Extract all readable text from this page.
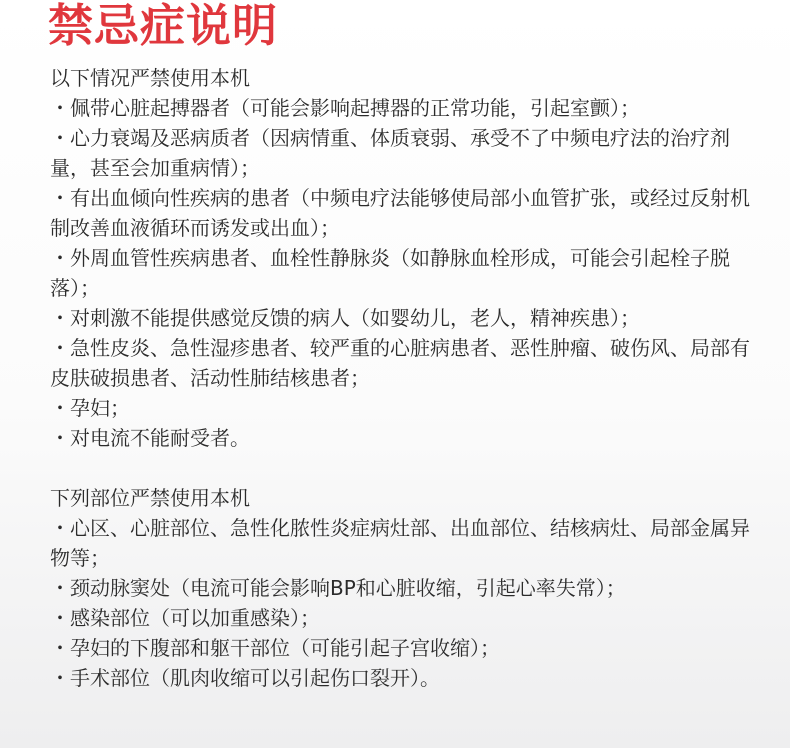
禁忌症说明

以下情况严禁使用本机

・佩带心脏起搏器者（可能会影响起搏器的正常功能，引起室颤）；

・心力衰竭及恶病质者（因病情重、体质衰弱、承受不了中频电疗法的治疗剂量，甚至会加重病情）；

・有出血倾向性疾病的患者（中频电疗法能够使局部小血管扩张，或经过反射机制改善血液循环而诱发或出血）；

・外周血管性疾病患者、血栓性静脉炎（如静脉血栓形成，可能会引起栓子脱落）；

・对刺激不能提供感觉反馈的病人（如婴幼儿，老人，精神疾患）；

・急性皮炎、急性湿疹患者、较严重的心脏病患者、恶性肿瘤、破伤风、局部有皮肤破损患者、活动性肺结核患者；

・孕妇；

・对电流不能耐受者。

下列部位严禁使用本机

・心区、心脏部位、急性化脓性炎症病灶部、出血部位、结核病灶、局部金属异物等；

・颈动脉窦处（电流可能会影响BP和心脏收缩，引起心率失常）；

・感染部位（可以加重感染）；

・孕妇的下腹部和躯干部位（可能引起子宫收缩）；

・手术部位（肌肉收缩可以引起伤口裂开）。
